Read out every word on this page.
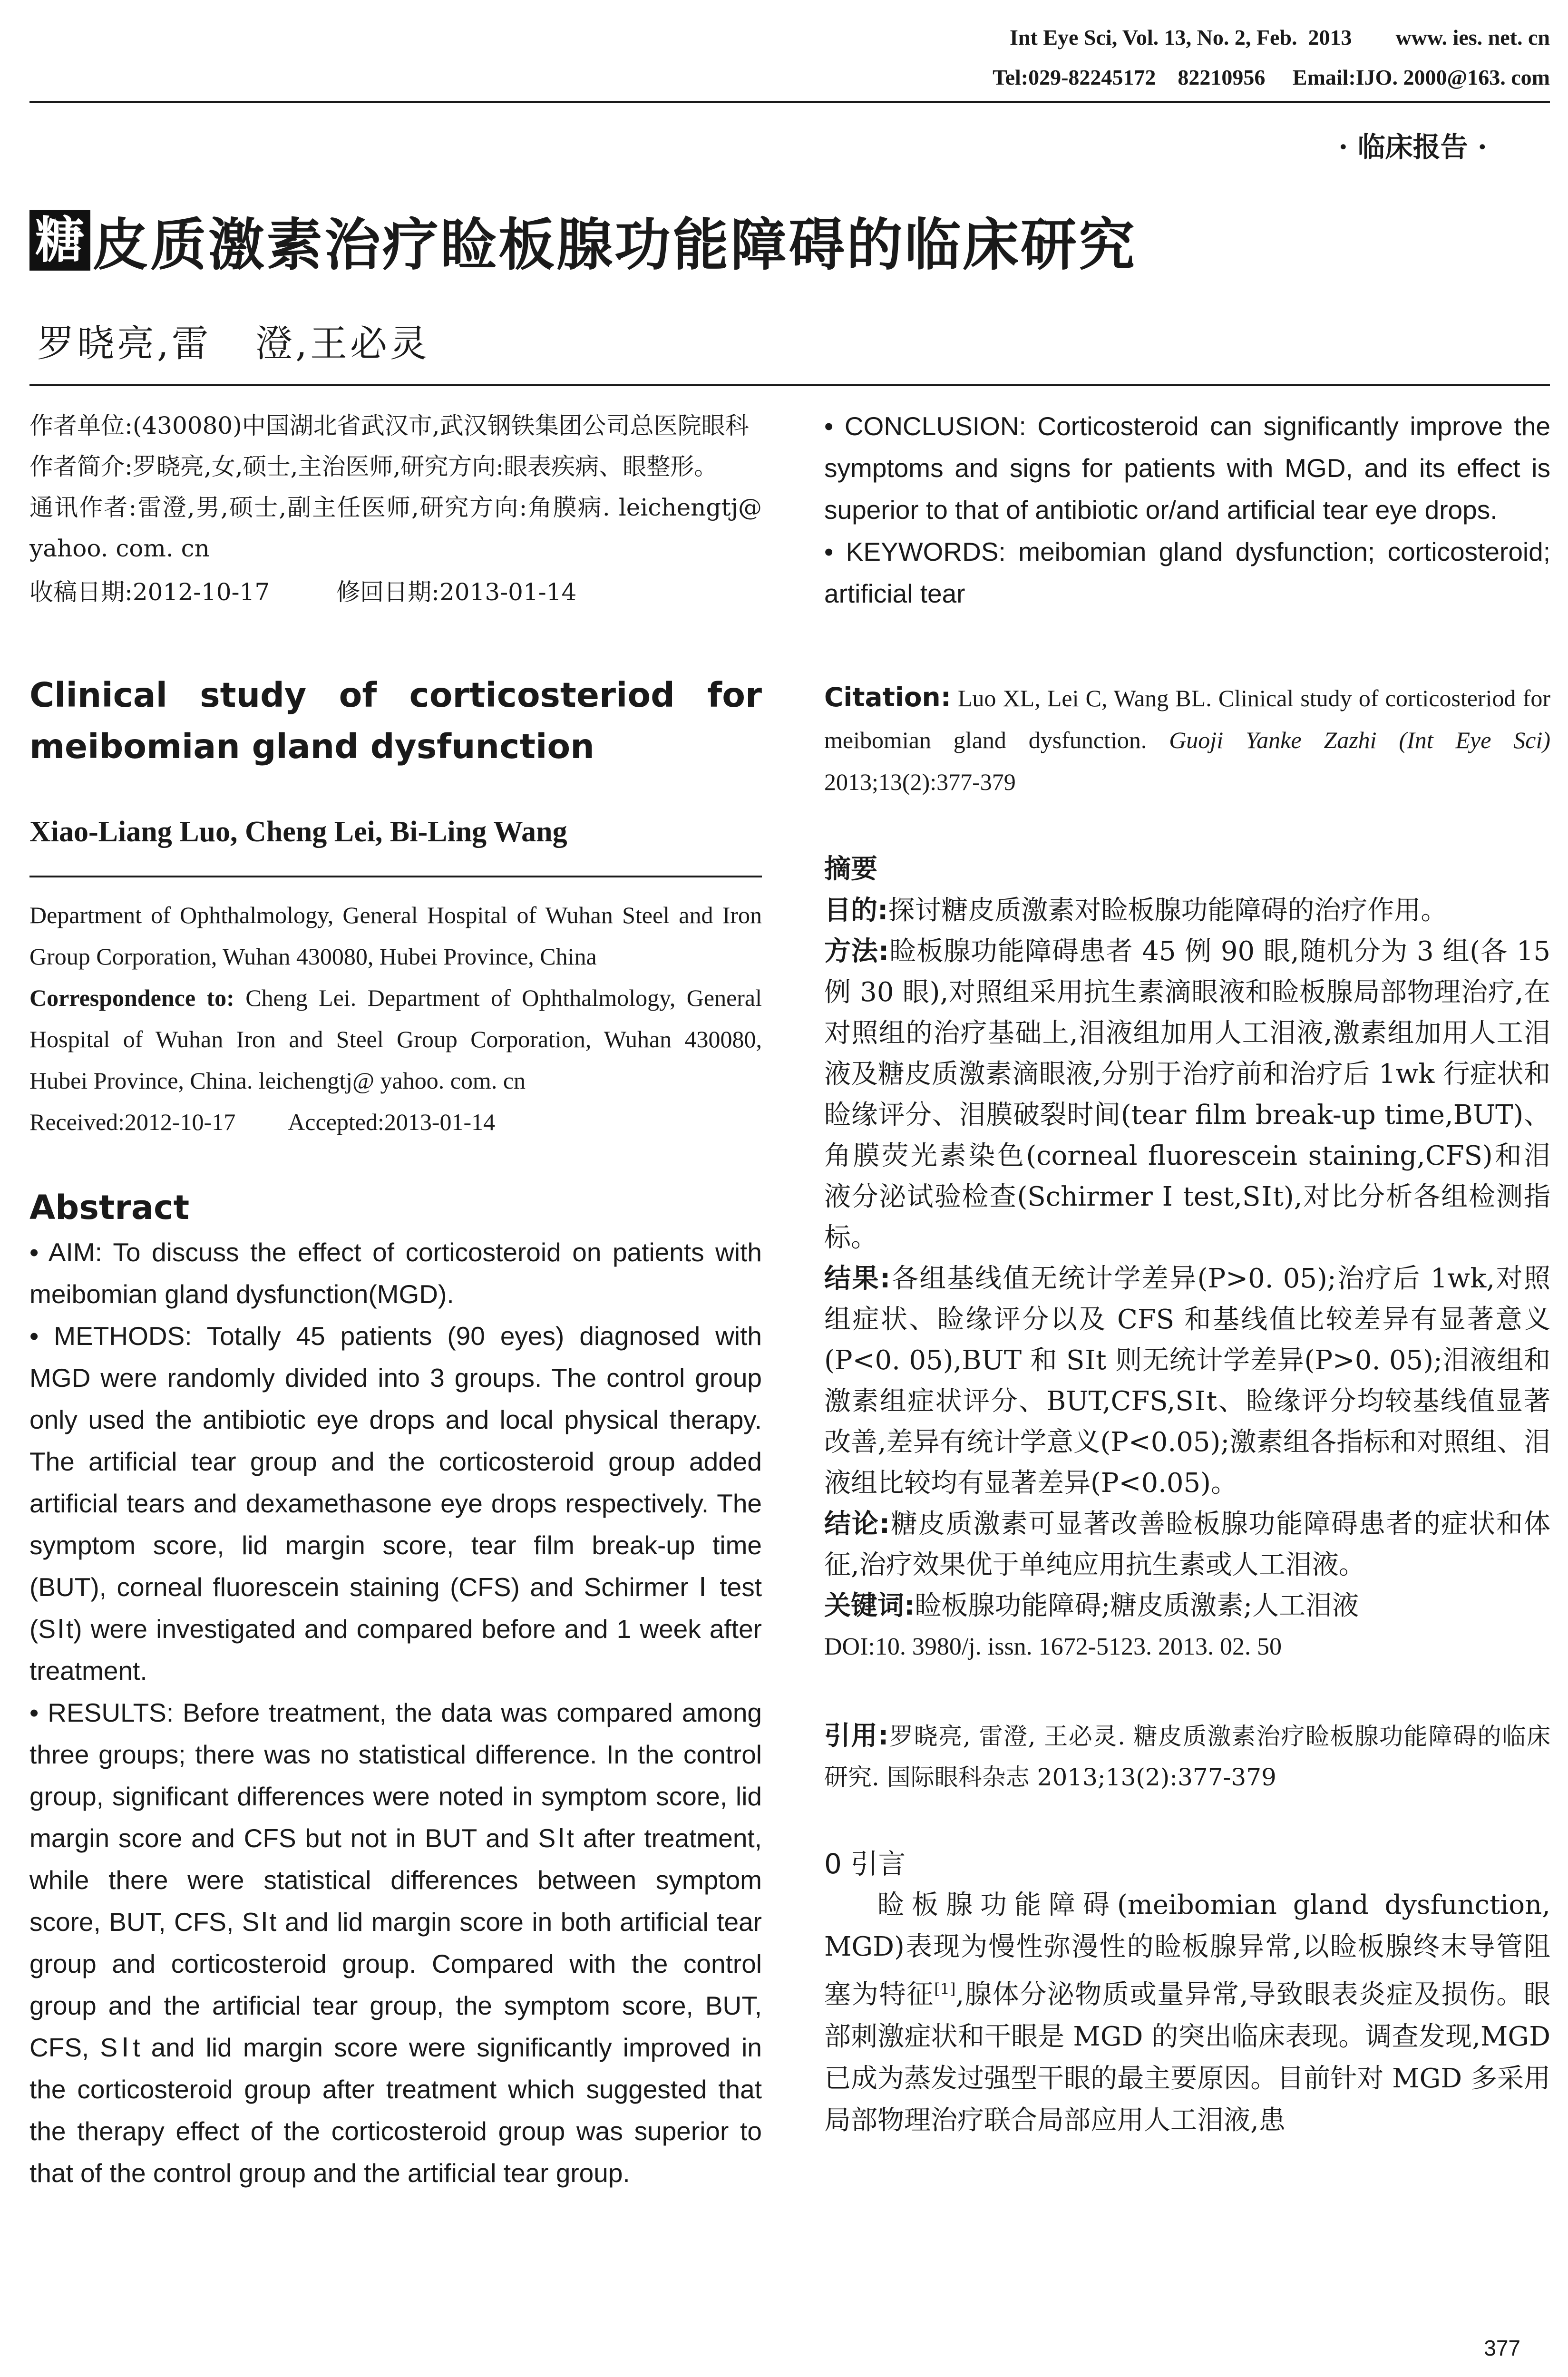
Int Eye Sci, Vol. 13, No. 2, Feb.  2013        www. ies. net. cn
Tel:029-82245172    82210956     Email:IJO. 2000@163. com
· 临床报告 ·
糖 皮质激素治疗睑板腺功能障碍的临床研究
罗晓亮,雷   澄,王必灵

作者单位:(430080)中国湖北省武汉市,武汉钢铁集团公司总医院眼科

作者简介:罗晓亮,女,硕士,主治医师,研究方向:眼表疾病、眼整形。

通讯作者:雷澄,男,硕士,副主任医师,研究方向:角膜病. leichengtj@ yahoo. com. cn

收稿日期:2012-10-17	修回日期:2013-01-14

Clinical study of corticosteriod for meibomian gland dysfunction
Xiao-Liang Luo, Cheng Lei, Bi-Ling Wang

Department of Ophthalmology, General Hospital of Wuhan Steel and Iron Group Corporation, Wuhan 430080, Hubei Province, China

Correspondence to: Cheng Lei. Department of Ophthalmology, General Hospital of Wuhan Iron and Steel Group Corporation, Wuhan 430080, Hubei Province, China. leichengtj@ yahoo. com. cn

Received:2012-10-17 Accepted:2013-01-14

Abstract

• AIM: To discuss the effect of corticosteroid on patients with meibomian gland dysfunction(MGD).

• METHODS: Totally 45 patients (90 eyes) diagnosed with MGD were randomly divided into 3 groups. The control group only used the antibiotic eye drops and local physical therapy. The artificial tear group and the corticosteroid group added artificial tears and dexamethasone eye drops respectively. The symptom score, lid margin score, tear film break-up time (BUT), corneal fluorescein staining (CFS) and Schirmer Ⅰ test (SⅠt) were investigated and compared before and 1 week after treatment.

• RESULTS: Before treatment, the data was compared among three groups; there was no statistical difference. In the control group, significant differences were noted in symptom score, lid margin score and CFS but not in BUT and SⅠt after treatment, while there were statistical differences between symptom score, BUT, CFS, SⅠt and lid margin score in both artificial tear group and corticosteroid group. Compared with the control group and the artificial tear group, the symptom score, BUT, CFS, SⅠt and lid margin score were significantly improved in the corticosteroid group after treatment which suggested that the therapy effect of the corticosteroid group was superior to that of the control group and the artificial tear group.

• CONCLUSION: Corticosteroid can significantly improve the symptoms and signs for patients with MGD, and its effect is superior to that of antibiotic or/and artificial tear eye drops.

• KEYWORDS: meibomian gland dysfunction; corticosteroid; artificial tear

Citation: Luo XL, Lei C, Wang BL. Clinical study of corticosteriod for meibomian gland dysfunction. Guoji Yanke Zazhi (Int Eye Sci) 2013;13(2):377-379

摘要

目的:探讨糖皮质激素对睑板腺功能障碍的治疗作用。

方法:睑板腺功能障碍患者 45 例 90 眼,随机分为 3 组(各 15 例 30 眼),对照组采用抗生素滴眼液和睑板腺局部物理治疗,在对照组的治疗基础上,泪液组加用人工泪液,激素组加用人工泪液及糖皮质激素滴眼液,分别于治疗前和治疗后 1wk 行症状和睑缘评分、泪膜破裂时间(tear film break-up time,BUT)、角膜荧光素染色(corneal fluorescein staining,CFS)和泪液分泌试验检查(Schirmer Ⅰ test,SⅠt),对比分析各组检测指标。

结果:各组基线值无统计学差异(P>0. 05);治疗后 1wk,对照组症状、睑缘评分以及 CFS 和基线值比较差异有显著意义(P<0. 05),BUT 和 SⅠt 则无统计学差异(P>0. 05);泪液组和激素组症状评分、BUT,CFS,SⅠt、睑缘评分均较基线值显著改善,差异有统计学意义(P<0.05);激素组各指标和对照组、泪液组比较均有显著差异(P<0.05)。

结论:糖皮质激素可显著改善睑板腺功能障碍患者的症状和体征,治疗效果优于单纯应用抗生素或人工泪液。

关键词:睑板腺功能障碍;糖皮质激素;人工泪液

DOI:10. 3980/j. issn. 1672-5123. 2013. 02. 50

引用:罗晓亮, 雷澄, 王必灵. 糖皮质激素治疗睑板腺功能障碍的临床研究. 国际眼科杂志 2013;13(2):377-379

0 引言

睑板腺功能障碍(meibomian gland dysfunction, MGD)表现为慢性弥漫性的睑板腺异常,以睑板腺终末导管阻塞为特征[1],腺体分泌物质或量异常,导致眼表炎症及损伤。眼部刺激症状和干眼是 MGD 的突出临床表现。调查发现,MGD 已成为蒸发过强型干眼的最主要原因。目前针对 MGD 多采用局部物理治疗联合局部应用人工泪液,患

377
